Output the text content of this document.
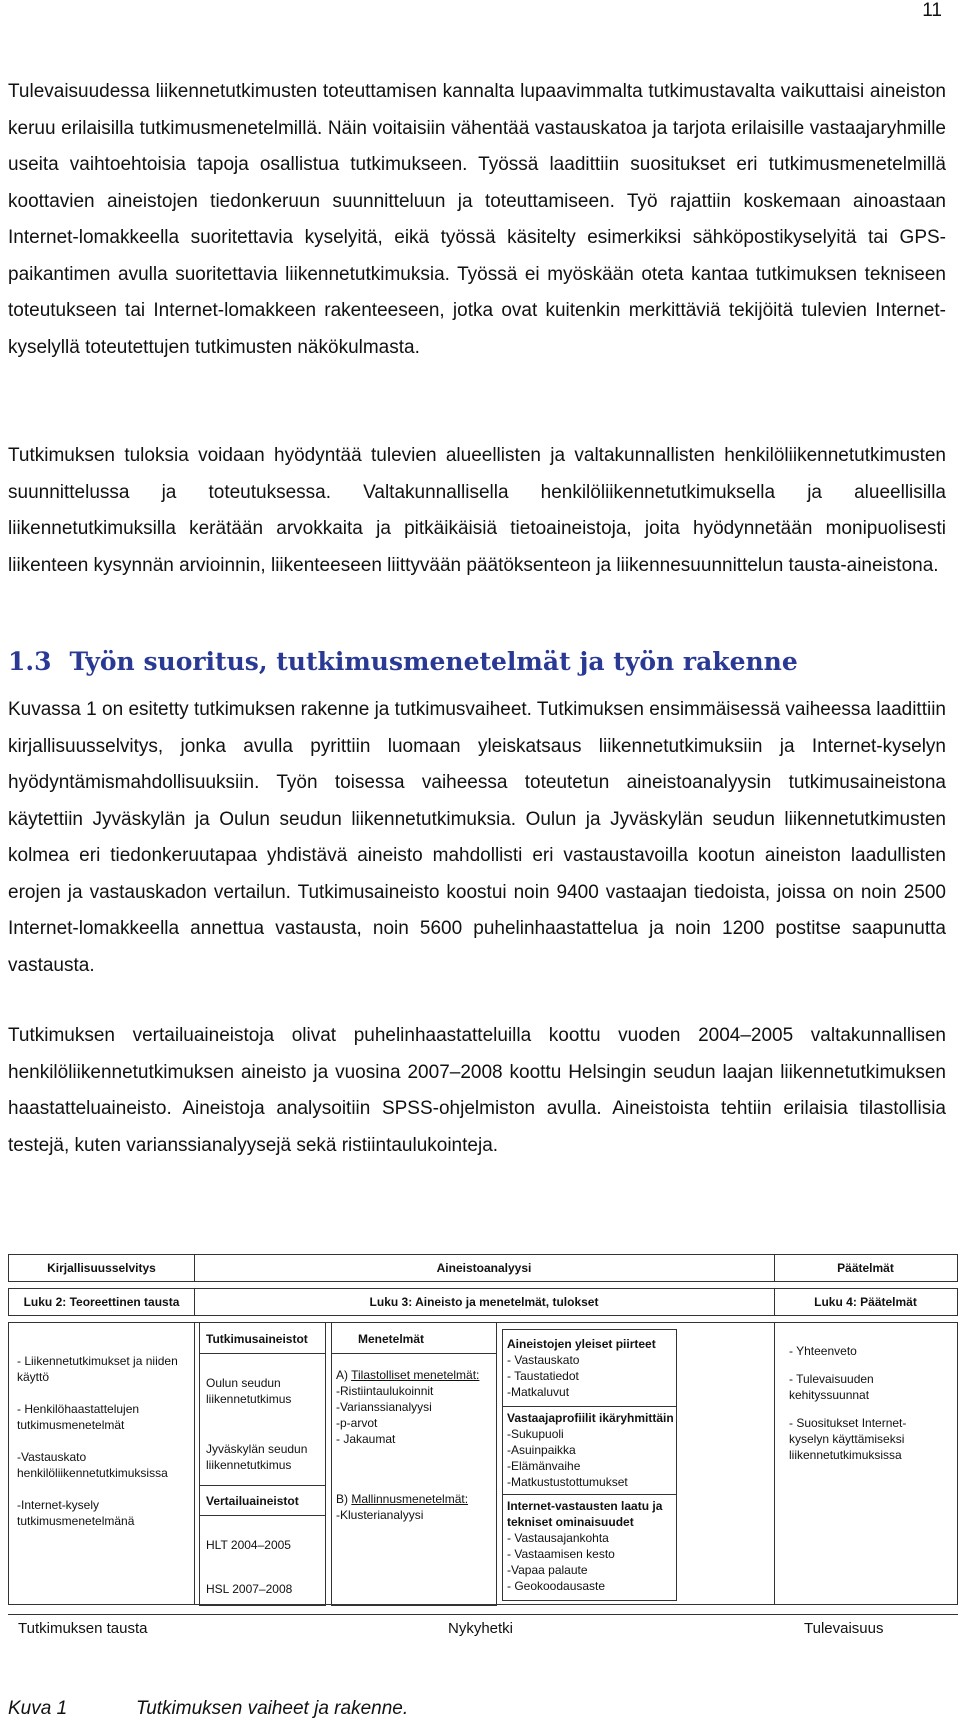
11

Tulevaisuudessa liikennetutkimusten toteuttamisen kannalta lupaavimmalta tutkimustavalta vaikuttaisi aineiston keruu erilaisilla tutkimusmenetelmillä. Näin voitaisiin vähentää vastauskatoa ja tarjota erilaisille vastaajaryhmille useita vaihtoehtoisia tapoja osallistua tutkimukseen. Työssä laadittiin suositukset eri tutkimusmenetelmillä koottavien aineistojen tiedonkeruun suunnitteluun ja toteuttamiseen. Työ rajattiin koskemaan ainoastaan Internet-lomakkeella suoritettavia kyselyitä, eikä työssä käsitelty esimerkiksi sähköpostikyselyitä tai GPS-paikantimen avulla suoritettavia liikennetutkimuksia. Työssä ei myöskään oteta kantaa tutkimuksen tekniseen toteutukseen tai Internet-lomakkeen rakenteeseen, jotka ovat kuitenkin merkittäviä tekijöitä tulevien Internet-kyselyllä toteutettujen tutkimusten näkökulmasta.

Tutkimuksen tuloksia voidaan hyödyntää tulevien alueellisten ja valtakunnallisten henkilöliikennetutkimusten suunnittelussa ja toteutuksessa. Valtakunnallisella henkilöliikennetutkimuksella ja alueellisilla liikennetutkimuksilla kerätään arvokkaita ja pitkäikäisiä tietoaineistoja, joita hyödynnetään monipuolisesti liikenteen kysynnän arvioinnin, liikenteeseen liittyvään päätöksenteon ja liikennesuunnittelun tausta-aineistona.

1.3 Työn suoritus, tutkimusmenetelmät ja työn rakenne

Kuvassa 1 on esitetty tutkimuksen rakenne ja tutkimusvaiheet. Tutkimuksen ensimmäisessä vaiheessa laadittiin kirjallisuusselvitys, jonka avulla pyrittiin luomaan yleiskatsaus liikennetutkimuksiin ja Internet-kyselyn hyödyntämismahdollisuuksiin. Työn toisessa vaiheessa toteutetun aineistoanalyysin tutkimusaineistona käytettiin Jyväskylän ja Oulun seudun liikennetutkimuksia. Oulun ja Jyväskylän seudun liikennetutkimusten kolmea eri tiedonkeruutapaa yhdistävä aineisto mahdollisti eri vastaustavoilla kootun aineiston laadullisten erojen ja vastauskadon vertailun. Tutkimusaineisto koostui noin 9400 vastaajan tiedoista, joissa on noin 2500 Internet-lomakkeella annettua vastausta, noin 5600 puhelinhaastattelua ja noin 1200 postitse saapunutta vastausta.

Tutkimuksen vertailuaineistoja olivat puhelinhaastatteluilla koottu vuoden 2004–2005 valtakunnallisen henkilöliikennetutkimuksen aineisto ja vuosina 2007–2008 koottu Helsingin seudun laajan liikennetutkimuksen haastatteluaineisto. Aineistoja analysoitiin SPSS-ohjelmiston avulla. Aineistoista tehtiin erilaisia tilastollisia testejä, kuten varianssianalyysejä sekä ristiintaulukointeja.

Kirjallisuusselvitys	Aineistoanalyysi	Päätelmät
Luku 2: Teoreettinen tausta	Luku 3: Aineisto ja menetelmät, tulokset	Luku 4: Päätelmät
- Liikennetutkimukset ja niiden käyttö
- Henkilöhaastattelujen tutkimusmenetelmät
-Vastauskato henkilöliikennetutkimuksissa
-Internet-kysely tutkimusmenetelmänä
Tutkimusaineistot
Oulun seudun liikennetutkimus
Jyväskylän seudun liikennetutkimus
Vertailuaineistot
HLT 2004–2005
HSL 2007–2008
Menetelmät
A) Tilastolliset menetelmät:
-Ristiintaulukoinnit
-Varianssianalyysi
-p-arvot
- Jakaumat
B) Mallinnusmenetelmät:
-Klusterianalyysi
Aineistojen yleiset piirteet
- Vastauskato
- Taustatiedot
-Matkaluvut
Vastaajaprofiilit ikäryhmittäin
-Sukupuoli
-Asuinpaikka
-Elämänvaihe
-Matkustustottumukset
Internet-vastausten laatu ja tekniset ominaisuudet
- Vastausajankohta
- Vastaamisen kesto
-Vapaa palaute
- Geokoodausaste
- Yhteenveto
- Tulevaisuuden kehityssuunnat
- Suositukset Internet-kyselyn käyttämiseksi liikennetutkimuksissa
Tutkimuksen tausta	Nykyhetki	Tulevaisuus
Kuva 1	Tutkimuksen vaiheet ja rakenne.
